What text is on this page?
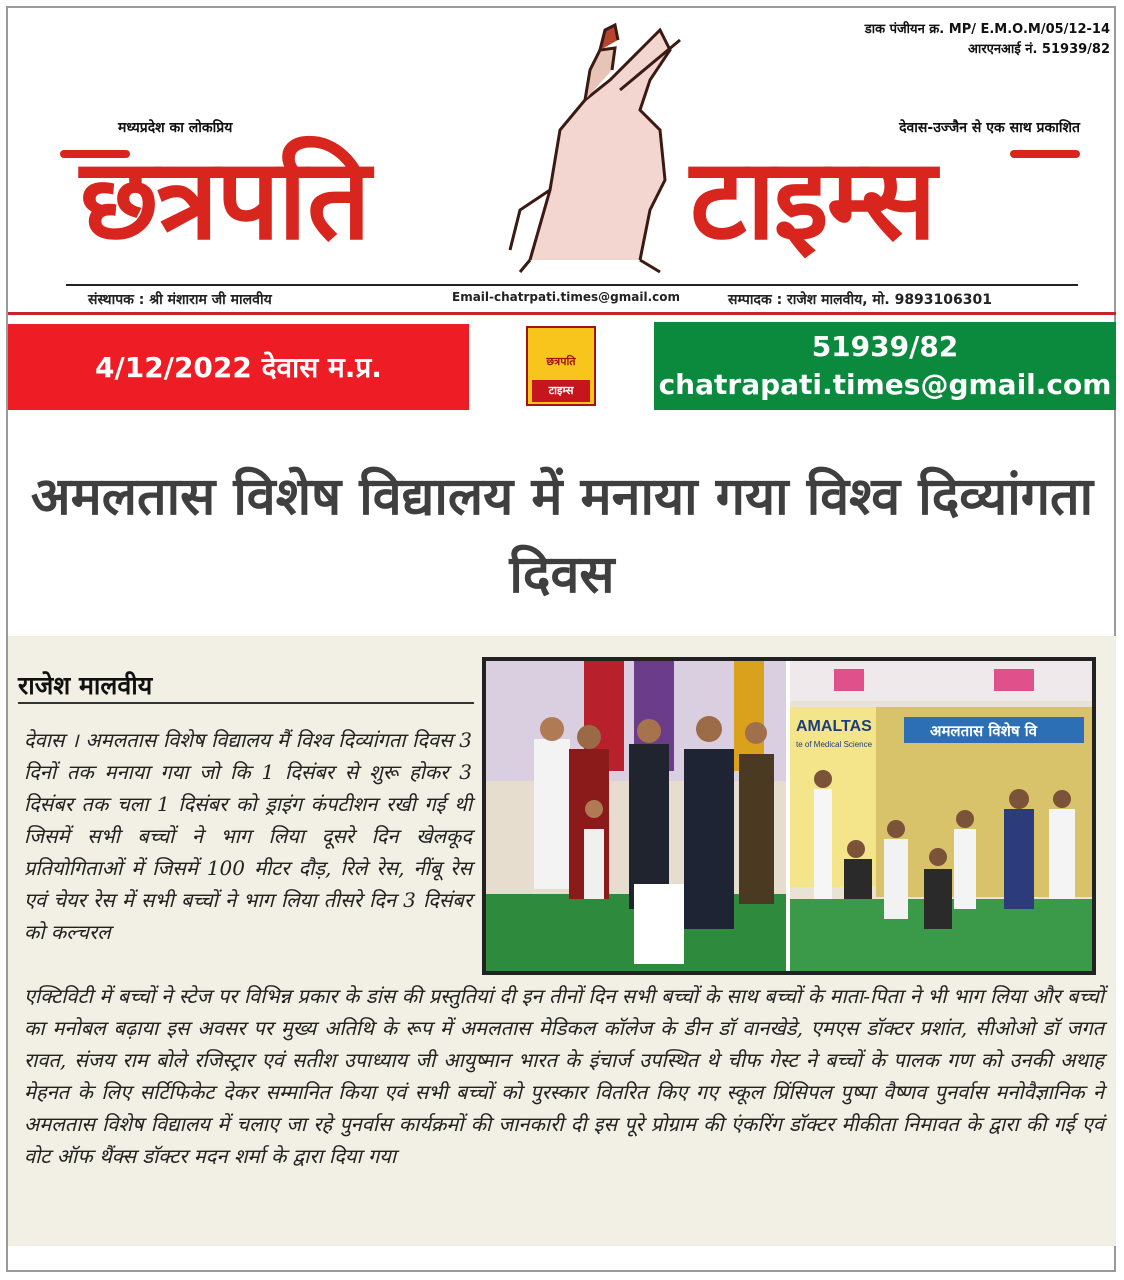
डाक पंजीयन क्र. MP/ E.M.O.M/05/12-14
आरएनआई नं. 51939/82
मध्यप्रदेश का लोकप्रिय	देवास-उज्जैन से एक साथ प्रकाशित
छत्रपति	टाइम्स
संस्थापक : श्री मंशाराम जी मालवीय	Email-chatrpati.times@gmail.com	सम्पादक : राजेश मालवीय, मो. 9893106301
4/12/2022 देवास म.प्र.	छत्रपति
टाइम्स
51939/82
chatrapati.times@gmail.com
अमलतास विशेष विद्यालय में मनाया गया विश्व दिव्यांगता दिवस
राजेश मालवीय
देवास । अमलतास विशेष विद्यालय मैं विश्व दिव्यांगता दिवस 3 दिनों तक मनाया गया जो कि 1 दिसंबर से शुरू होकर 3 दिसंबर तक चला 1 दिसंबर को ड्राइंग कंपटीशन रखी गई थी जिसमें सभी बच्चों ने भाग लिया दूसरे दिन खेलकूद प्रतियोगिताओं में जिसमें 100 मीटर दौड़, रिले रेस, नींबू रेस एवं चेयर रेस में सभी बच्चों ने भाग लिया तीसरे दिन 3 दिसंबर को कल्चरल
AMALTAS
te of Medical Science
अमलतास विशेष वि
एक्टिविटी में बच्चों ने स्टेज पर विभिन्न प्रकार के डांस की प्रस्तुतियां दी इन तीनों दिन सभी बच्चों के साथ बच्चों के माता-पिता ने भी भाग लिया और बच्चों का मनोबल बढ़ाया इस अवसर पर मुख्य अतिथि के रूप में अमलतास मेडिकल कॉलेज के डीन डॉ वानखेडे, एमएस डॉक्टर प्रशांत, सीओओ डॉ जगत रावत, संजय राम बोले रजिस्ट्रार एवं सतीश उपाध्याय जी आयुष्मान भारत के इंचार्ज उपस्थित थे चीफ गेस्ट ने बच्चों के पालक गण को उनकी अथाह मेहनत के लिए सर्टिफिकेट देकर सम्मानित किया एवं सभी बच्चों को पुरस्कार वितरित किए गए स्कूल प्रिंसिपल पुष्पा वैष्णव पुनर्वास मनोवैज्ञानिक ने अमलतास विशेष विद्यालय में चलाए जा रहे पुनर्वास कार्यक्रमों की जानकारी दी इस पूरे प्रोग्राम की एंकरिंग डॉक्टर मीकीता निमावत के द्वारा की गई एवं वोट ऑफ थैंक्स डॉक्टर मदन शर्मा के द्वारा दिया गया
